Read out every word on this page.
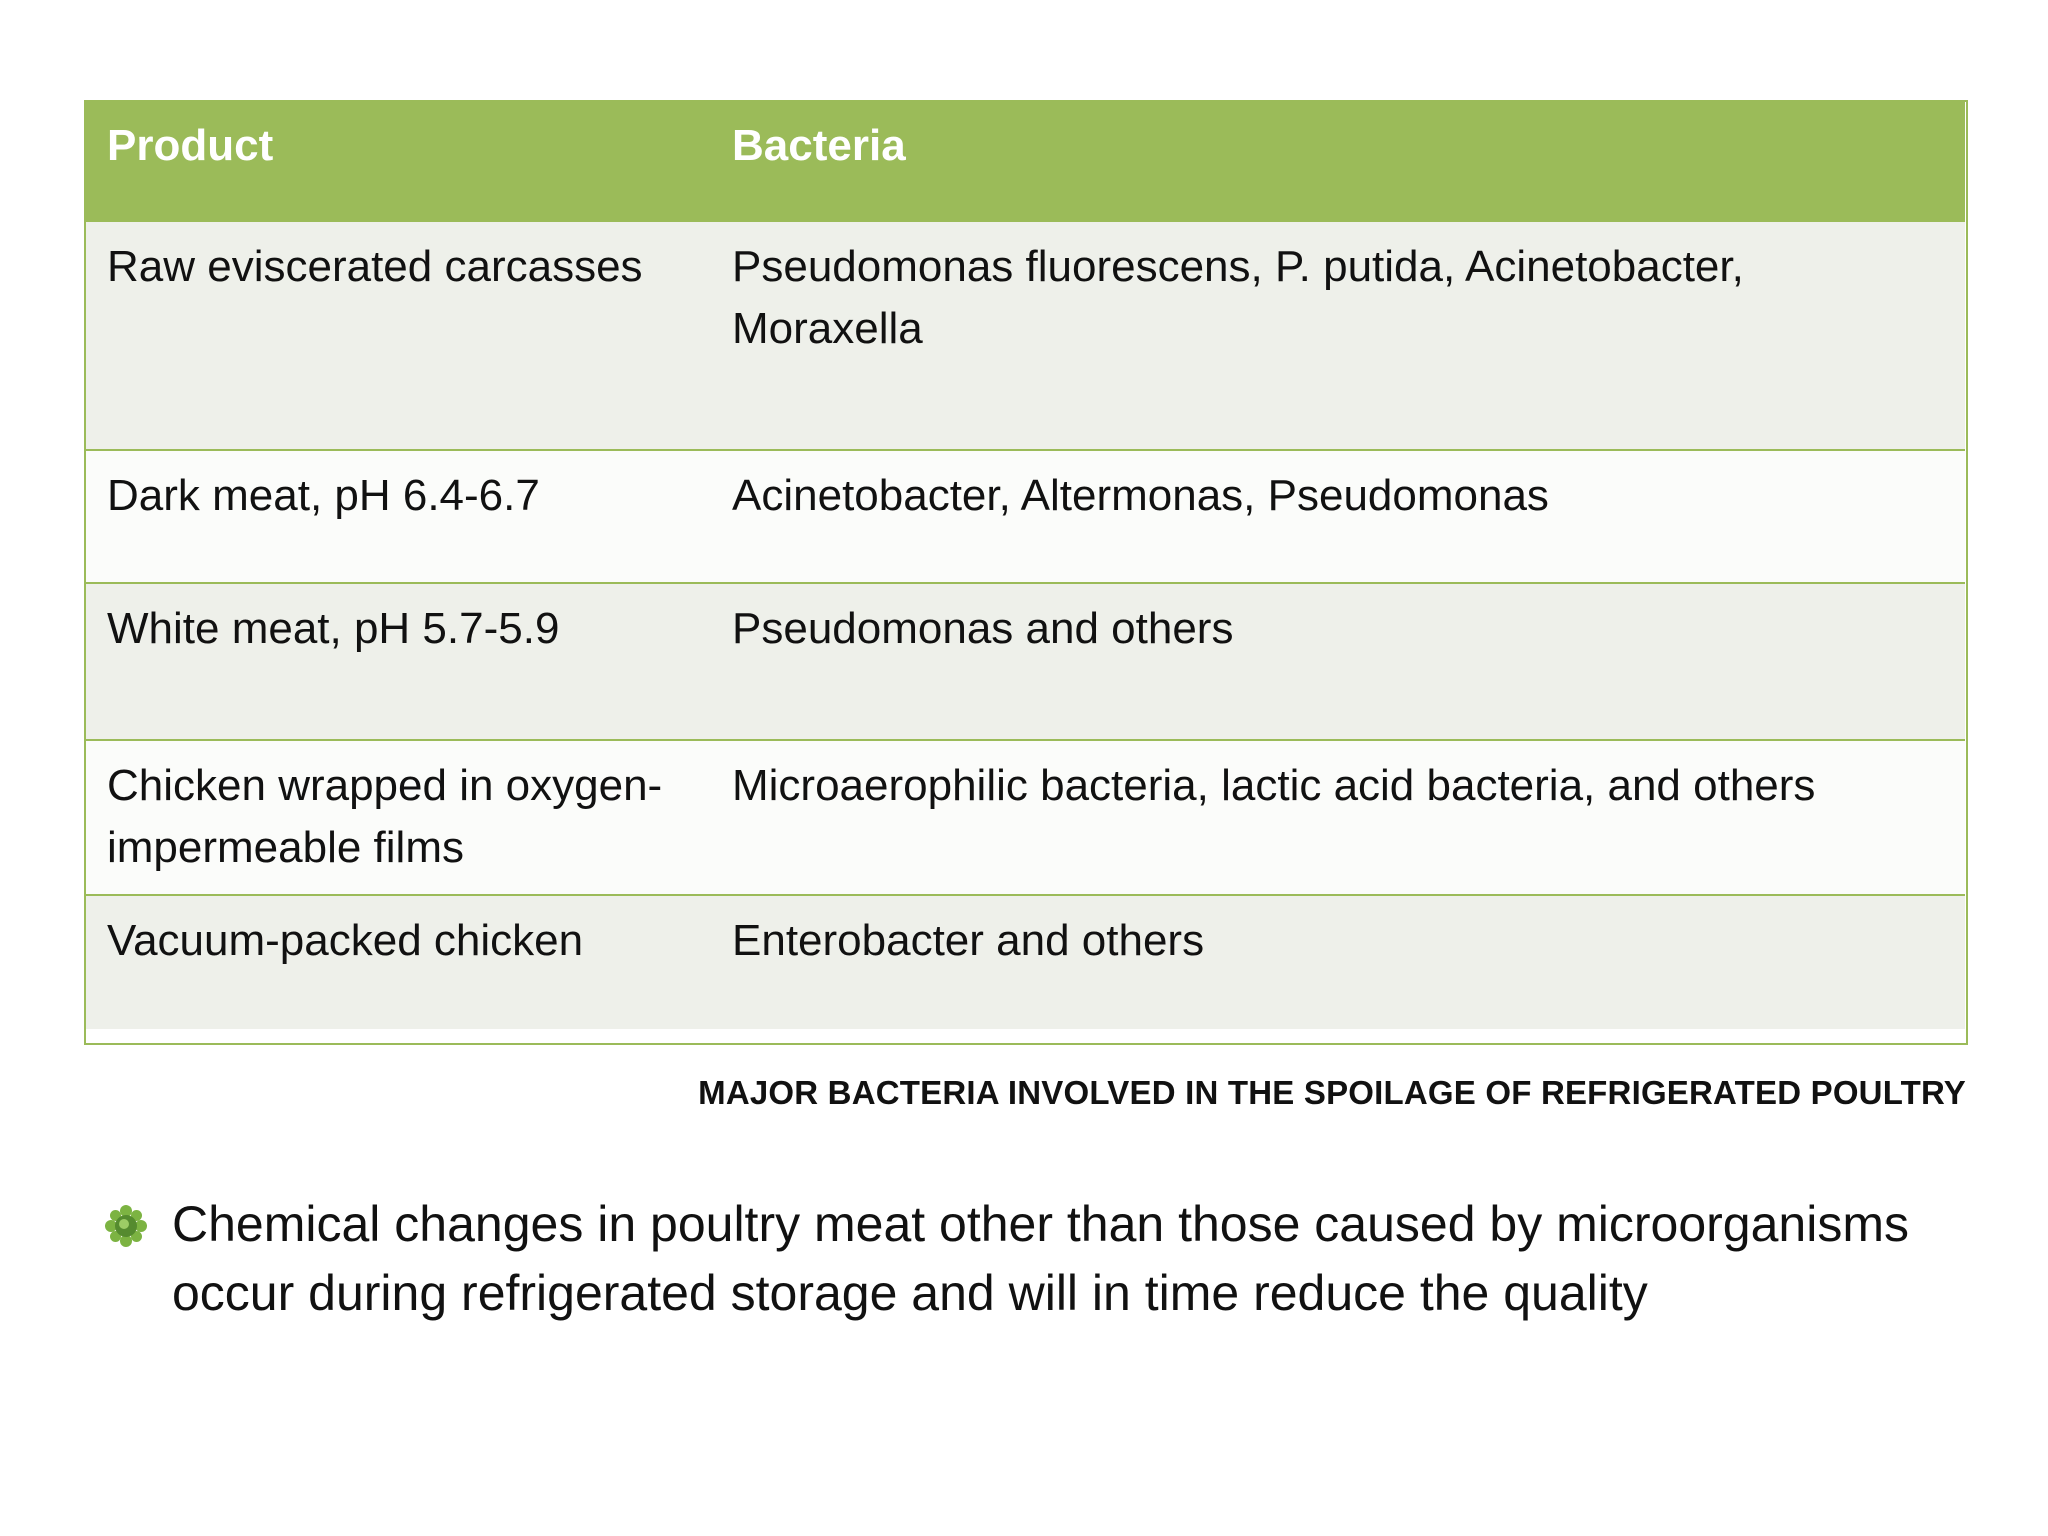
Product	Bacteria
Raw eviscerated carcasses	Pseudomonas fluorescens, P. putida, Acinetobacter, Moraxella
Dark meat, pH 6.4-6.7	Acinetobacter, Altermonas, Pseudomonas
White meat, pH 5.7-5.9	Pseudomonas and others
Chicken wrapped in oxygen-impermeable films	Microaerophilic bacteria, lactic acid bacteria, and others
Vacuum-packed chicken	Enterobacter and others
MAJOR BACTERIA INVOLVED IN THE SPOILAGE OF REFRIGERATED POULTRY
Chemical changes in poultry meat other than those caused by microorganisms occur during refrigerated storage and will in time reduce the quality
